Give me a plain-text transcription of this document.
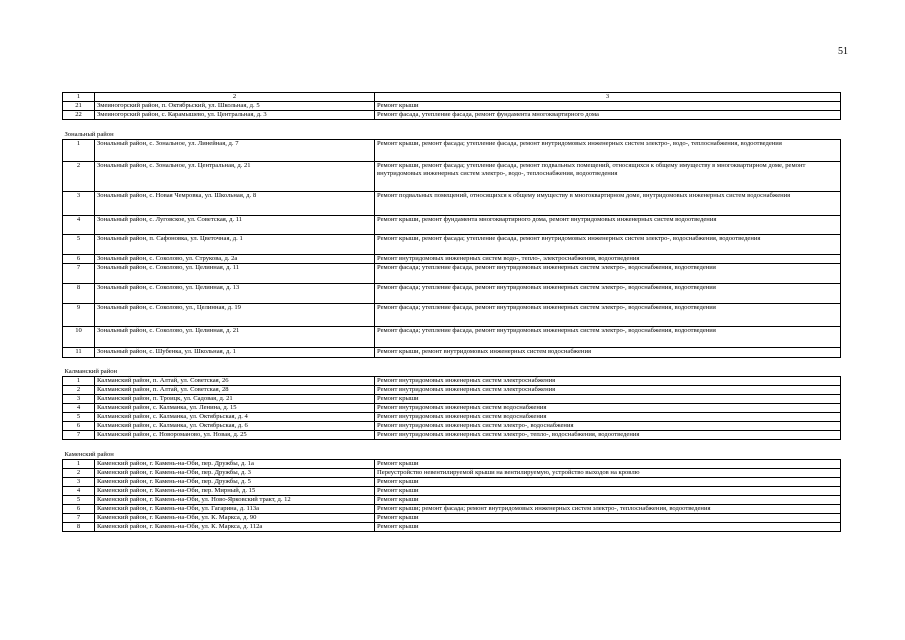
51
1	2	3
21	Змеиногорский район, п. Октябрьский, ул. Школьная, д. 5	Ремонт крыши
22	Змеиногорский район, с. Карамышево, ул. Центральная, д. 3	Ремонт фасада, утепление фасада, ремонт фундамента многоквартирного дома
Зональный район		
1	Зональный район, с. Зональное, ул. Линейная, д. 7	Ремонт крыши, ремонт фасада; утепление фасада, ремонт внутридомовых инженерных систем электро-, водо-, теплоснабжения, водоотведения
2	Зональный район, с. Зональное, ул. Центральная, д. 21	Ремонт крыши, ремонт фасада; утепление фасада, ремонт подвальных помещений, относящихся к общему имуществу в многоквартирном доме, ремонт внутридомовых инженерных систем электро-, водо-, теплоснабжения, водоотведения
3	Зональный район, с. Новая Чемровка, ул. Школьная, д. 8	Ремонт подвальных помещений, относящихся к общему имуществу в многоквартирном доме, внутридомовых инженерных систем водоснабжения
4	Зональный район, с. Луговское, ул. Советская, д. 11	Ремонт крыши, ремонт фундамента многоквартирного дома, ремонт внутридомовых инженерных систем водоотведения
5	Зональный район, п. Сафоновка, ул. Цветочная, д. 1	Ремонт крыши, ремонт фасада; утепление фасада, ремонт внутридомовых инженерных систем электро-, водоснабжения, водоотведения
6	Зональный район, с. Соколово, ул. Струкова, д. 2а	Ремонт внутридомовых инженерных систем водо-, тепло-, электроснабжения, водоотведения
7	Зональный район, с. Соколово, ул. Целинная, д. 11	Ремонт фасада; утепление фасада, ремонт внутридомовых инженерных систем электро-, водоснабжения, водоотведения
8	Зональный район, с. Соколово, ул. Целинная, д. 13	Ремонт фасада; утепление фасада, ремонт внутридомовых инженерных систем электро-, водоснабжения, водоотведения
9	Зональный район, с. Соколово, ул., Целинная, д. 19	Ремонт фасада; утепление фасада, ремонт внутридомовых инженерных систем электро-, водоснабжения, водоотведения
10	Зональный район, с. Соколово, ул. Целинная, д. 21	Ремонт фасада; утепление фасада, ремонт внутридомовых инженерных систем электро-, водоснабжения, водоотведения
11	Зональный район, с. Шубенка, ул. Школьная, д. 1	Ремонт крыши, ремонт внутридомовых инженерных систем водоснабжения
Калманский район		
1	Калманский район, п. Алтай, ул. Советская, 26	Ремонт внутридомовых инженерных систем электроснабжения
2	Калманский район, п. Алтай, ул. Советская, 28	Ремонт внутридомовых инженерных систем электроснабжения
3	Калманский район, п. Троицк, ул. Садовая, д. 21	Ремонт крыши
4	Калманский район, с. Калманка, ул. Ленина, д. 15	Ремонт внутридомовых инженерных систем водоснабжения
5	Калманский район, с. Калманка, ул. Октябрьская, д. 4	Ремонт внутридомовых инженерных систем водоснабжения
6	Калманский район, с. Калманка, ул. Октябрьская, д. 6	Ремонт внутридомовых инженерных систем электро-, водоснабжения
7	Калманский район, с. Новороманово, ул. Новая, д. 25	Ремонт внутридомовых инженерных систем электро-, тепло-, водоснабжения, водоотведения
Каменский район		
1	Каменский район, г. Камень-на-Оби, пер. Дружбы, д. 1а	Ремонт крыши
2	Каменский район, г. Камень-на-Оби, пер. Дружбы, д. 3	Переустройство невентилируемой крыши на вентилируемую, устройство выходов на кровлю
3	Каменский район, г. Камень-на-Оби, пер. Дружбы, д. 5	Ремонт крыши
4	Каменский район, г. Камень-на-Оби, пер. Мирный, д. 15	Ремонт крыши
5	Каменский район, г. Камень-на-Оби, ул. Ново-Ярковский тракт, д. 12	Ремонт крыши
6	Каменский район, г. Камень-на-Оби, ул. Гагарина, д. 113а	Ремонт крыши; ремонт фасада; ремонт внутридомовых инженерных систем электро-, теплоснабжения, водоотведения
7	Каменский район, г. Камень-на-Оби, ул. К. Маркса, д. 90	Ремонт крыши
8	Каменский район, г. Камень-на-Оби, ул. К. Маркса, д. 112а	Ремонт крыши
